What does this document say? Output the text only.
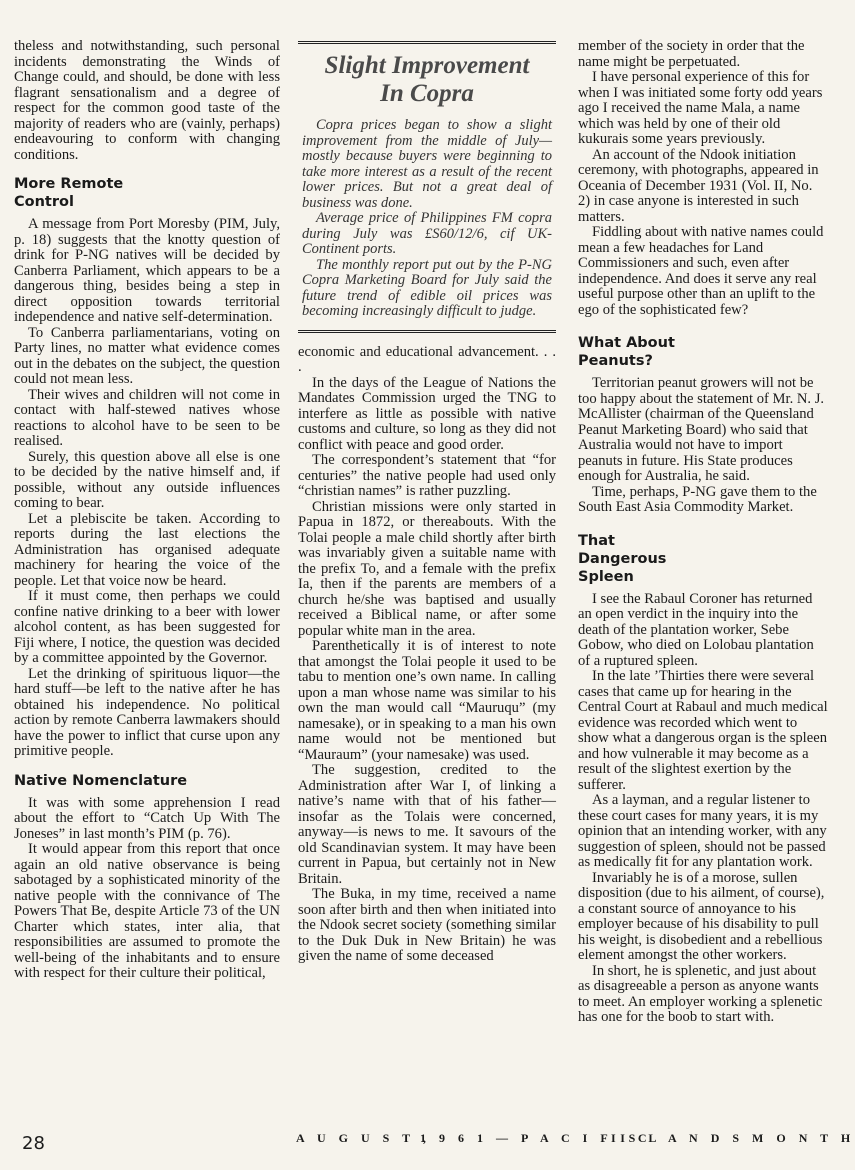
theless and notwithstanding, such personal incidents demonstrating the Winds of Change could, and should, be done with less flagrant sensationalism and a degree of respect for the common good taste of the majority of readers who are (vainly, perhaps) endeavouring to conform with changing conditions.

More Remote Control

A message from Port Moresby (PIM, July, p. 18) suggests that the knotty question of drink for P-NG natives will be decided by Canberra Parliament, which appears to be a dangerous thing, besides being a step in direct opposition towards territorial independence and native self-determination.

To Canberra parliamentarians, voting on Party lines, no matter what evidence comes out in the debates on the subject, the question could not mean less.

Their wives and children will not come in contact with half-stewed natives whose reactions to alcohol have to be seen to be realised.

Surely, this question above all else is one to be decided by the native himself and, if possible, without any outside influences coming to bear.

Let a plebiscite be taken. According to reports during the last elections the Administration has organised adequate machinery for hearing the voice of the people. Let that voice now be heard.

If it must come, then perhaps we could confine native drinking to a beer with lower alcohol content, as has been suggested for Fiji where, I notice, the question was decided by a committee appointed by the Governor.

Let the drinking of spirituous liquor—the hard stuff—be left to the native after he has obtained his independence. No political action by remote Canberra lawmakers should have the power to inflict that curse upon any primitive people.

Native Nomenclature

It was with some apprehension I read about the effort to “Catch Up With The Joneses” in last month’s PIM (p. 76).

It would appear from this report that once again an old native observance is being sabotaged by a sophisticated minority of the native people with the connivance of The Powers That Be, despite Article 73 of the UN Charter which states, inter alia, that responsibilities are assumed to promote the well-being of the inhabitants and to ensure with respect for their culture their political,

Slight Improvement
In Copra

Copra prices began to show a slight improvement from the middle of July—mostly because buyers were beginning to take more interest as a result of the recent lower prices. But not a great deal of business was done.

Average price of Philippines FM copra during July was £S60/12/6, cif UK-Continent ports.

The monthly report put out by the P-NG Copra Marketing Board for July said the future trend of edible oil prices was becoming increasingly difficult to judge.

economic and educational advancement. . . .

In the days of the League of Nations the Mandates Commission urged the TNG to interfere as little as possible with native customs and culture, so long as they did not conflict with peace and good order.

The correspondent’s statement that “for centuries” the native people had used only “christian names” is rather puzzling.

Christian missions were only started in Papua in 1872, or thereabouts. With the Tolai people a male child shortly after birth was invariably given a suitable name with the prefix To, and a female with the prefix Ia, then if the parents are members of a church he/she was baptised and usually received a Biblical name, or after some popular white man in the area.

Parenthetically it is of interest to note that amongst the Tolai people it used to be tabu to mention one’s own name. In calling upon a man whose name was similar to his own the man would call “Mauruqu” (my namesake), or in speaking to a man his own name would not be mentioned but “Mauraum” (your namesake) was used.

The suggestion, credited to the Administration after War I, of linking a native’s name with that of his father—insofar as the Tolais were concerned, anyway—is news to me. It savours of the old Scandinavian system. It may have been current in Papua, but certainly not in New Britain.

The Buka, in my time, received a name soon after birth and then when initiated into the Ndook secret society (something similar to the Duk Duk in New Britain) he was given the name of some deceased

member of the society in order that the name might be perpetuated.

I have personal experience of this for when I was initiated some forty odd years ago I received the name Mala, a name which was held by one of their old kukurais some years previously.

An account of the Ndook initiation ceremony, with photographs, appeared in Oceania of December 1931 (Vol. II, No. 2) in case anyone is interested in such matters.

Fiddling about with native names could mean a few headaches for Land Commissioners and such, even after independence. And does it serve any real useful purpose other than an uplift to the ego of the sophisticated few?

What About Peanuts?

Territorian peanut growers will not be too happy about the statement of Mr. N. J. McAllister (chairman of the Queensland Peanut Marketing Board) who said that Australia would not have to import peanuts in future. His State produces enough for Australia, he said.

Time, perhaps, P-NG gave them to the South East Asia Commodity Market.

That Dangerous Spleen

I see the Rabaul Coroner has returned an open verdict in the inquiry into the death of the plantation worker, Sebe Gobow, who died on Lolobau plantation of a ruptured spleen.

In the late ’Thirties there were several cases that came up for hearing in the Central Court at Rabaul and much medical evidence was recorded which went to show what a dangerous organ is the spleen and how vulnerable it may become as a result of the slightest exertion by the sufferer.

As a layman, and a regular listener to these court cases for many years, it is my opinion that an intending worker, with any suggestion of spleen, should not be passed as medically fit for any plantation work.

Invariably he is of a morose, sullen disposition (due to his ailment, of course), a constant source of annoyance to his employer because of his disability to pull his weight, is disobedient and a rebellious element amongst the other workers.

In short, he is splenetic, and just about as disagreeable a person as anyone wants to meet. An employer working a splenetic has one for the boob to start with.

28	A U G U S T ,
1 9 6 1 — P A C I F I C
I S L A N D S M O N T H
